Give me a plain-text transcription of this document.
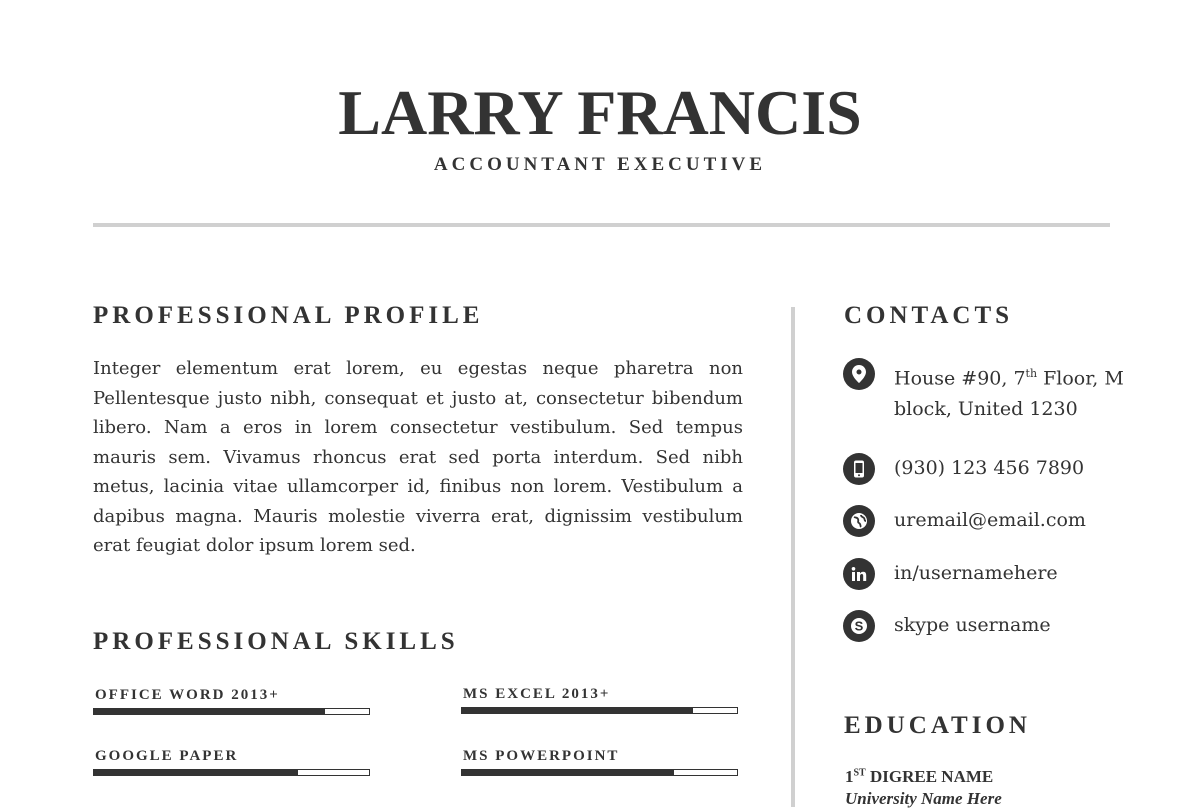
LARRY FRANCIS
ACCOUNTANT EXECUTIVE
PROFESSIONAL PROFILE
Integer elementum erat lorem, eu egestas neque pharetra non Pellentesque justo nibh, consequat et justo at, consectetur bibendum libero. Nam a eros in lorem consectetur vestibulum. Sed tempus mauris sem. Vivamus rhoncus erat sed porta interdum. Sed nibh metus, lacinia vitae ullamcorper id, finibus non lorem. Vestibulum a dapibus magna. Mauris molestie viverra erat, dignissim vestibulum erat feugiat dolor ipsum lorem sed.
PROFESSIONAL SKILLS
OFFICE WORD 2013+	MS EXCEL 2013+
GOOGLE PAPER	MS POWERPOINT
CONTACTS
House #90, 7th Floor, M
block, United 1230
(930) 123 456 7890
uremail@email.com
in/usernamehere
S skype username
EDUCATION
1ST DIGREE NAME
University Name Here
